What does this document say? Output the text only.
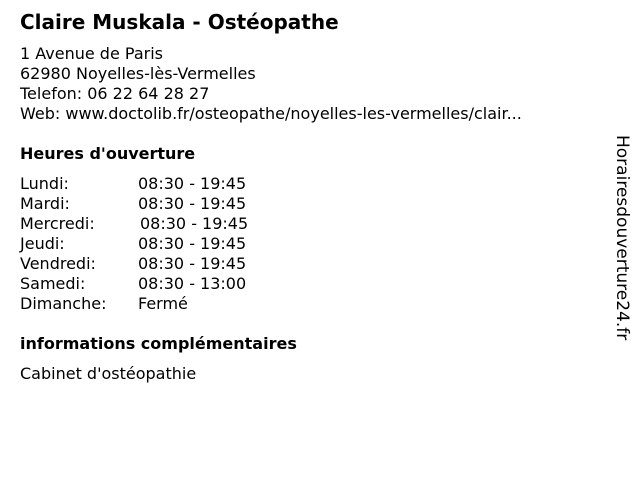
Claire Muskala - Ostéopathe
1 Avenue de Paris
62980 Noyelles-lès-Vermelles
Telefon: 06 22 64 28 27
Web: www.doctolib.fr/osteopathe/noyelles-les-vermelles/clair...
Heures d'ouverture
Lundi:	08:30 - 19:45
Mardi:	08:30 - 19:45
Mercredi:	08:30 - 19:45
Jeudi:	08:30 - 19:45
Vendredi:	08:30 - 19:45
Samedi:	08:30 - 13:00
Dimanche: Fermé
informations complémentaires
Cabinet d'ostéopathie
Horairesdouverture24.fr
